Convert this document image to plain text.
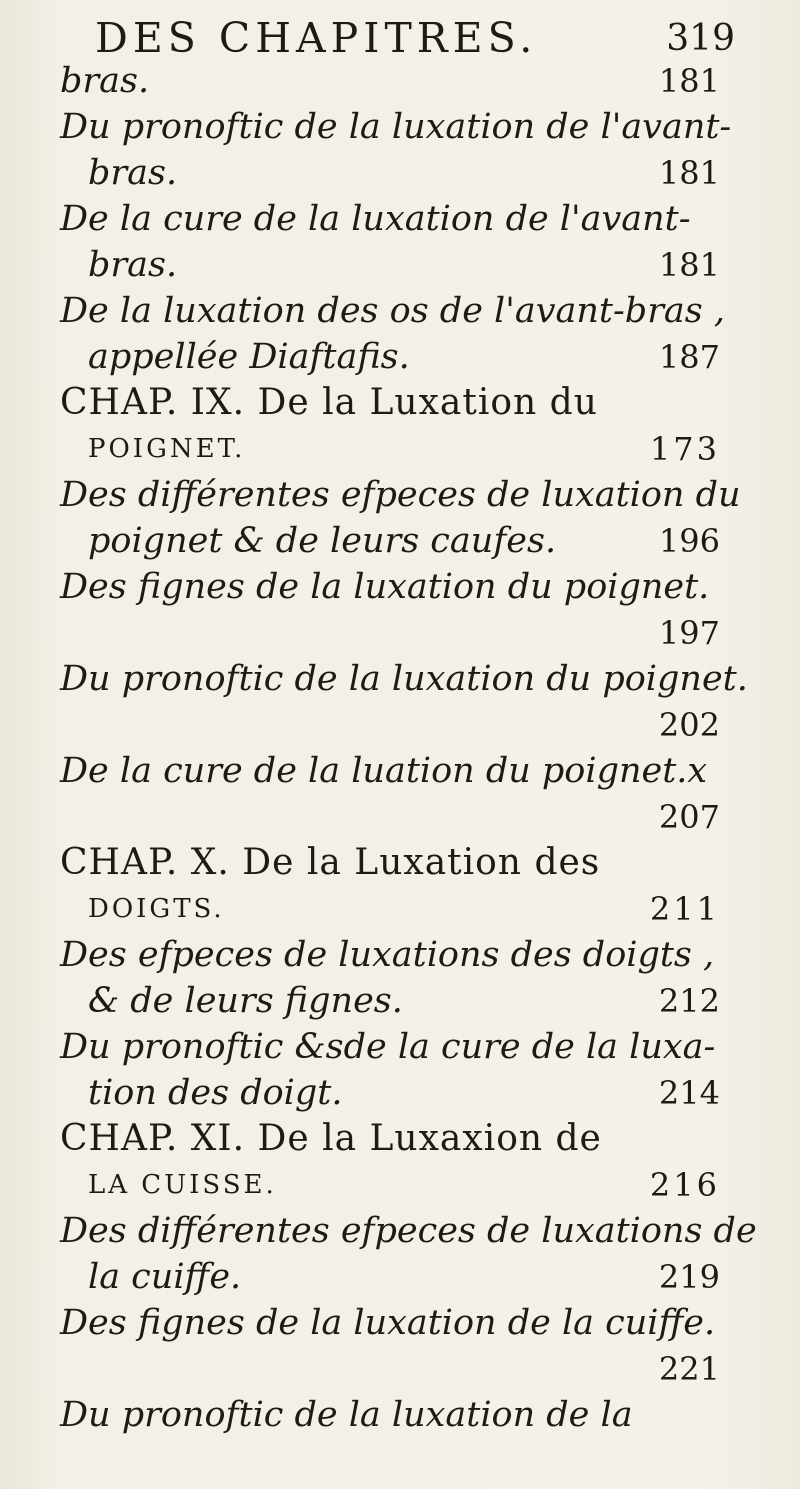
DES CHAPITRES.	319
bras.	181
Du pronoftic de la luxation de l'avant-
bras.	181
De la cure de la luxation de l'avant-
bras.	181
De la luxation des os de l'avant-bras ,
appellée Diaftafis.	187
CHAP. IX. De la Luxation du
POIGNET.	173
Des différentes efpeces de luxation du
poignet & de leurs caufes.	196
Des fignes de la luxation du poignet.

197
Du pronoftic de la luxation du poignet.

202
De la cure de la luation du poignet.x

207
CHAP. X. De la Luxation des
DOIGTS.	211
Des efpeces de luxations des doigts ,
& de leurs fignes.	212
Du pronoftic &sde la cure de la luxa-
tion des doigt.	214
CHAP. XI. De la Luxaxion de
LA CUISSE.	216
Des différentes efpeces de luxations de
la cuiffe.	219
Des fignes de la luxation de la cuiffe.

221
Du pronoftic de la luxation de la
